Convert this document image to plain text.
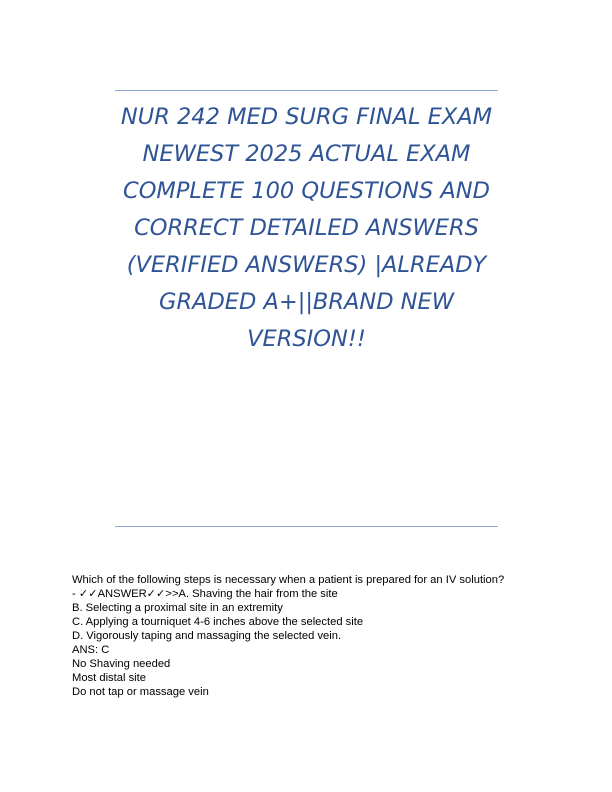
NUR 242 MED SURG FINAL EXAM
NEWEST 2025 ACTUAL EXAM
COMPLETE 100 QUESTIONS AND
CORRECT DETAILED ANSWERS
(VERIFIED ANSWERS) |ALREADY
GRADED A+||BRAND NEW
VERSION!!
Which of the following steps is necessary when a patient is prepared for an IV solution?
- ✓✓ANSWER✓✓>>A. Shaving the hair from the site
B. Selecting a proximal site in an extremity
C. Applying a tourniquet 4-6 inches above the selected site
D. Vigorously taping and massaging the selected vein.
ANS: C
No Shaving needed
Most distal site
Do not tap or massage vein
